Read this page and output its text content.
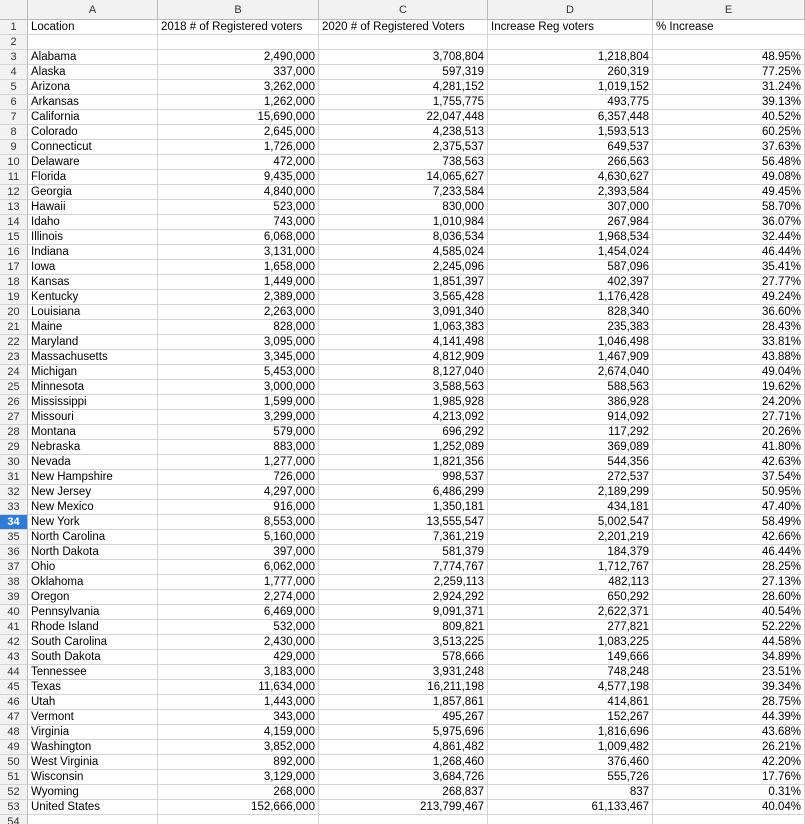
A	B	C	D	E
1	Location	2018 # of Registered voters	2020 # of Registered Voters	Increase Reg voters	% Increase
2
3	Alabama	2,490,000	3,708,804	1,218,804	48.95%
4	Alaska	337,000	597,319	260,319	77.25%
5	Arizona	3,262,000	4,281,152	1,019,152	31.24%
6	Arkansas	1,262,000	1,755,775	493,775	39.13%
7	California	15,690,000	22,047,448	6,357,448	40.52%
8	Colorado	2,645,000	4,238,513	1,593,513	60.25%
9	Connecticut	1,726,000	2,375,537	649,537	37.63%
10 Delaware	472,000	738,563	266,563	56.48%
11	Florida	9,435,000	14,065,627	4,630,627	49.08%
12 Georgia	4,840,000	7,233,584	2,393,584	49.45%
13 Hawaii	523,000	830,000	307,000	58.70%
14 Idaho	743,000	1,010,984	267,984	36.07%
15 Illinois	6,068,000	8,036,534	1,968,534	32.44%
16 Indiana	3,131,000	4,585,024	1,454,024	46.44%
17 Iowa	1,658,000	2,245,096	587,096	35.41%
18 Kansas	1,449,000	1,851,397	402,397	27.77%
19 Kentucky	2,389,000	3,565,428	1,176,428	49.24%
20 Louisiana	2,263,000	3,091,340	828,340	36.60%
21 Maine	828,000	1,063,383	235,383	28.43%
22 Maryland	3,095,000	4,141,498	1,046,498	33.81%
23 Massachusetts	3,345,000	4,812,909	1,467,909	43.88%
24 Michigan	5,453,000	8,127,040	2,674,040	49.04%
25 Minnesota	3,000,000	3,588,563	588,563	19.62%
26 Mississippi	1,599,000	1,985,928	386,928	24.20%
27 Missouri	3,299,000	4,213,092	914,092	27.71%
28 Montana	579,000	696,292	117,292	20.26%
29 Nebraska	883,000	1,252,089	369,089	41.80%
30 Nevada	1,277,000	1,821,356	544,356	42.63%
31 New Hampshire	726,000	998,537	272,537	37.54%
32 New Jersey	4,297,000	6,486,299	2,189,299	50.95%
33 New Mexico	916,000	1,350,181	434,181	47.40%
34 New York	8,553,000	13,555,547	5,002,547	58.49%
35 North Carolina	5,160,000	7,361,219	2,201,219	42.66%
36 North Dakota	397,000	581,379	184,379	46.44%
37 Ohio	6,062,000	7,774,767	1,712,767	28.25%
38 Oklahoma	1,777,000	2,259,113	482,113	27.13%
39 Oregon	2,274,000	2,924,292	650,292	28.60%
40 Pennsylvania	6,469,000	9,091,371	2,622,371	40.54%
41 Rhode Island	532,000	809,821	277,821	52.22%
42 South Carolina	2,430,000	3,513,225	1,083,225	44.58%
43 South Dakota	429,000	578,666	149,666	34.89%
44 Tennessee	3,183,000	3,931,248	748,248	23.51%
45 Texas	11,634,000	16,211,198	4,577,198	39.34%
46 Utah	1,443,000	1,857,861	414,861	28.75%
47 Vermont	343,000	495,267	152,267	44.39%
48 Virginia	4,159,000	5,975,696	1,816,696	43.68%
49 Washington	3,852,000	4,861,482	1,009,482	26.21%
50 West Virginia	892,000	1,268,460	376,460	42.20%
51 Wisconsin	3,129,000	3,684,726	555,726	17.76%
52 Wyoming	268,000	268,837	837	0.31%
53 United States	152,666,000	213,799,467	61,133,467	40.04%
54
